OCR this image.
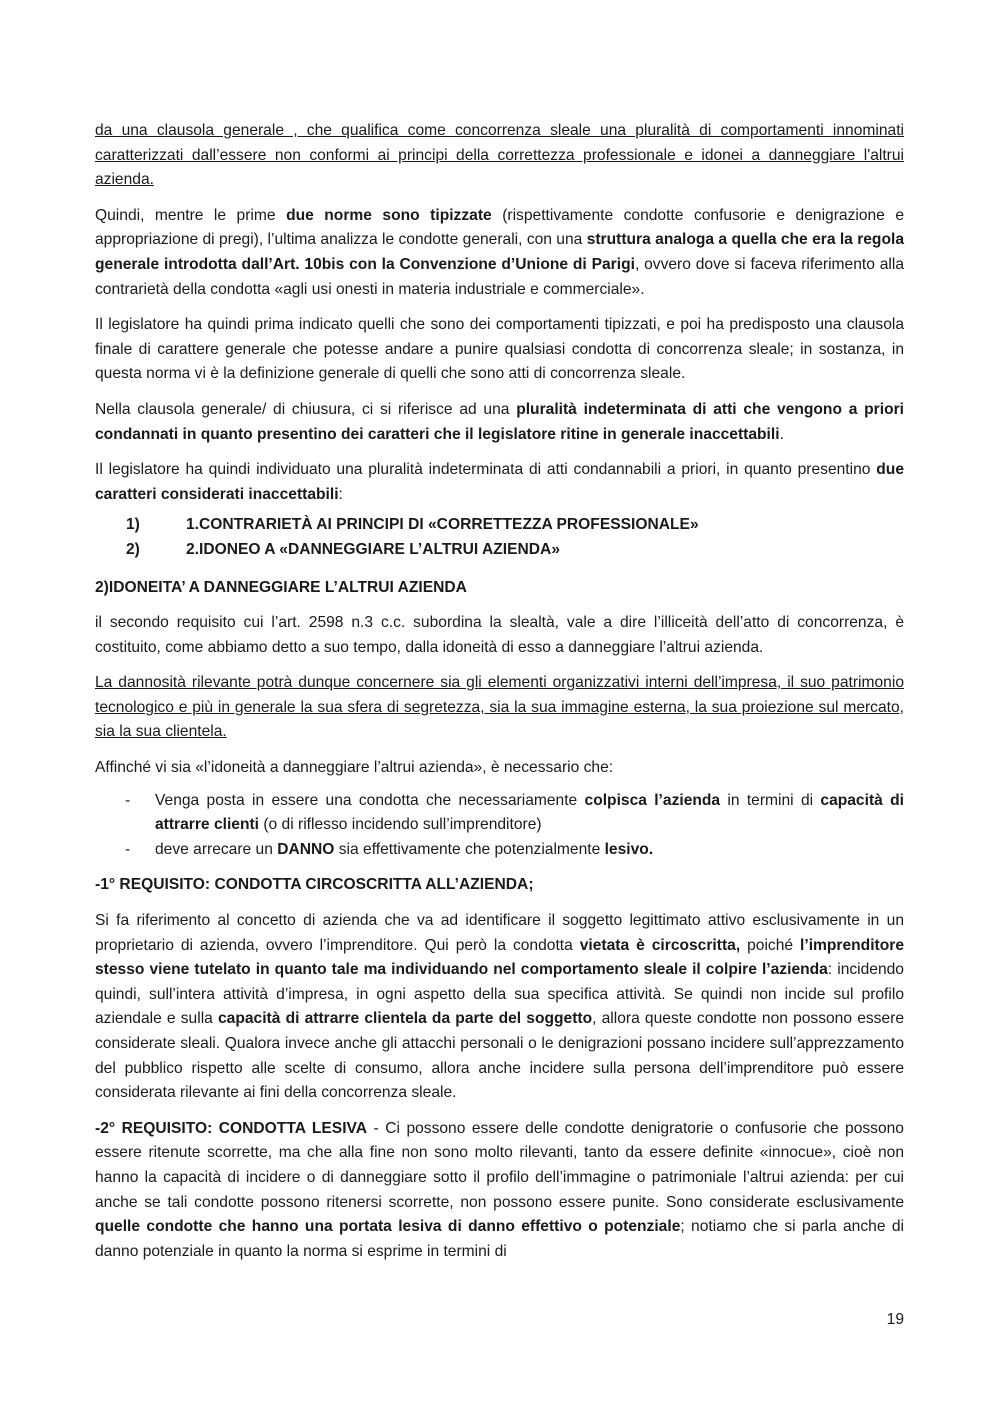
da una clausola generale , che qualifica come concorrenza sleale una pluralità di comportamenti innominati caratterizzati dall’essere non conformi ai principi della correttezza professionale e idonei a danneggiare l'altrui azienda.

Quindi, mentre le prime due norme sono tipizzate (rispettivamente condotte confusorie e denigrazione e appropriazione di pregi), l’ultima analizza le condotte generali, con una struttura analoga a quella che era la regola generale introdotta dall’Art. 10bis con la Convenzione d’Unione di Parigi, ovvero dove si faceva riferimento alla contrarietà della condotta «agli usi onesti in materia industriale e commerciale».

Il legislatore ha quindi prima indicato quelli che sono dei comportamenti tipizzati, e poi ha predisposto una clausola finale di carattere generale che potesse andare a punire qualsiasi condotta di concorrenza sleale; in sostanza, in questa norma vi è la definizione generale di quelli che sono atti di concorrenza sleale.

Nella clausola generale/ di chiusura, ci si riferisce ad una pluralità indeterminata di atti che vengono a priori condannati in quanto presentino dei caratteri che il legislatore ritine in generale inaccettabili.

Il legislatore ha quindi individuato una pluralità indeterminata di atti condannabili a priori, in quanto presentino due caratteri considerati inaccettabili:

1)	1.CONTRARIETÀ AI PRINCIPI DI «CORRETTEZZA PROFESSIONALE»
2)	2.IDONEO A «DANNEGGIARE L’ALTRUI AZIENDA»
2)IDONEITA’ A DANNEGGIARE L’ALTRUI AZIENDA

il secondo requisito cui l’art. 2598 n.3 c.c. subordina la slealtà, vale a dire l’illiceità dell’atto di concorrenza, è costituito, come abbiamo detto a suo tempo, dalla idoneità di esso a danneggiare l’altrui azienda.

La dannosità rilevante potrà dunque concernere sia gli elementi organizzativi interni dell’impresa, il suo patrimonio tecnologico e più in generale la sua sfera di segretezza, sia la sua immagine esterna, la sua proiezione sul mercato, sia la sua clientela.

Affinché vi sia «l’idoneità a danneggiare l’altrui azienda», è necessario che:

-	Venga posta in essere una condotta che necessariamente colpisca l’azienda in termini di capacità di attrarre clienti (o di riflesso incidendo sull’imprenditore)
-	deve arrecare un DANNO sia effettivamente che potenzialmente lesivo.
-1° REQUISITO: CONDOTTA CIRCOSCRITTA ALL’AZIENDA;

Si fa riferimento al concetto di azienda che va ad identificare il soggetto legittimato attivo esclusivamente in un proprietario di azienda, ovvero l’imprenditore. Qui però la condotta vietata è circoscritta, poiché l’imprenditore stesso viene tutelato in quanto tale ma individuando nel comportamento sleale il colpire l’azienda: incidendo quindi, sull’intera attività d’impresa, in ogni aspetto della sua specifica attività. Se quindi non incide sul profilo aziendale e sulla capacità di attrarre clientela da parte del soggetto, allora queste condotte non possono essere considerate sleali. Qualora invece anche gli attacchi personali o le denigrazioni possano incidere sull’apprezzamento del pubblico rispetto alle scelte di consumo, allora anche incidere sulla persona dell’imprenditore può essere considerata rilevante ai fini della concorrenza sleale.

-2° REQUISITO: CONDOTTA LESIVA - Ci possono essere delle condotte denigratorie o confusorie che possono essere ritenute scorrette, ma che alla fine non sono molto rilevanti, tanto da essere definite «innocue», cioè non hanno la capacità di incidere o di danneggiare sotto il profilo dell’immagine o patrimoniale l’altrui azienda: per cui anche se tali condotte possono ritenersi scorrette, non possono essere punite. Sono considerate esclusivamente quelle condotte che hanno una portata lesiva di danno effettivo o potenziale; notiamo che si parla anche di danno potenziale in quanto la norma si esprime in termini di

19
